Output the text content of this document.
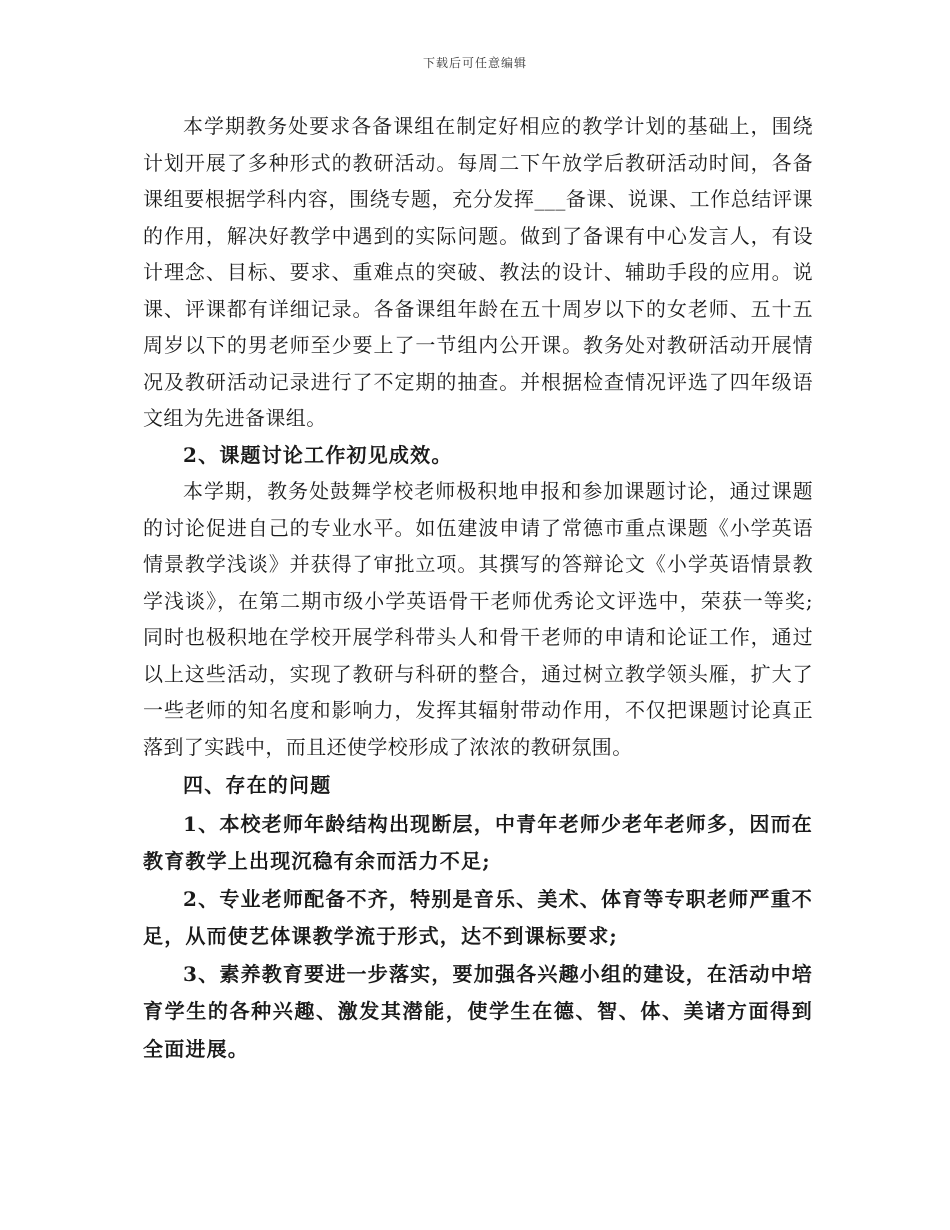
下载后可任意编辑

本学期教务处要求各备课组在制定好相应的教学计划的基础上，围绕计划开展了多种形式的教研活动。每周二下午放学后教研活动时间，各备课组要根据学科内容，围绕专题，充分发挥___备课、说课、工作总结评课的作用，解决好教学中遇到的实际问题。做到了备课有中心发言人，有设计理念、目标、要求、重难点的突破、教法的设计、辅助手段的应用。说课、评课都有详细记录。各备课组年龄在五十周岁以下的女老师、五十五周岁以下的男老师至少要上了一节组内公开课。教务处对教研活动开展情况及教研活动记录进行了不定期的抽查。并根据检查情况评选了四年级语文组为先进备课组。

2、课题讨论工作初见成效。

本学期，教务处鼓舞学校老师极积地申报和参加课题讨论，通过课题的讨论促进自己的专业水平。如伍建波申请了常德市重点课题《小学英语情景教学浅谈》并获得了审批立项。其撰写的答辩论文《小学英语情景教学浅谈》，在第二期市级小学英语骨干老师优秀论文评选中，荣获一等奖;同时也极积地在学校开展学科带头人和骨干老师的申请和论证工作，通过以上这些活动，实现了教研与科研的整合，通过树立教学领头雁，扩大了一些老师的知名度和影响力，发挥其辐射带动作用，不仅把课题讨论真正落到了实践中，而且还使学校形成了浓浓的教研氛围。

四、存在的问题

1、本校老师年龄结构出现断层，中青年老师少老年老师多，因而在教育教学上出现沉稳有余而活力不足;

2、专业老师配备不齐，特别是音乐、美术、体育等专职老师严重不足，从而使艺体课教学流于形式，达不到课标要求;

3、素养教育要进一步落实，要加强各兴趣小组的建设，在活动中培育学生的各种兴趣、激发其潜能，使学生在德、智、体、美诸方面得到全面进展。
